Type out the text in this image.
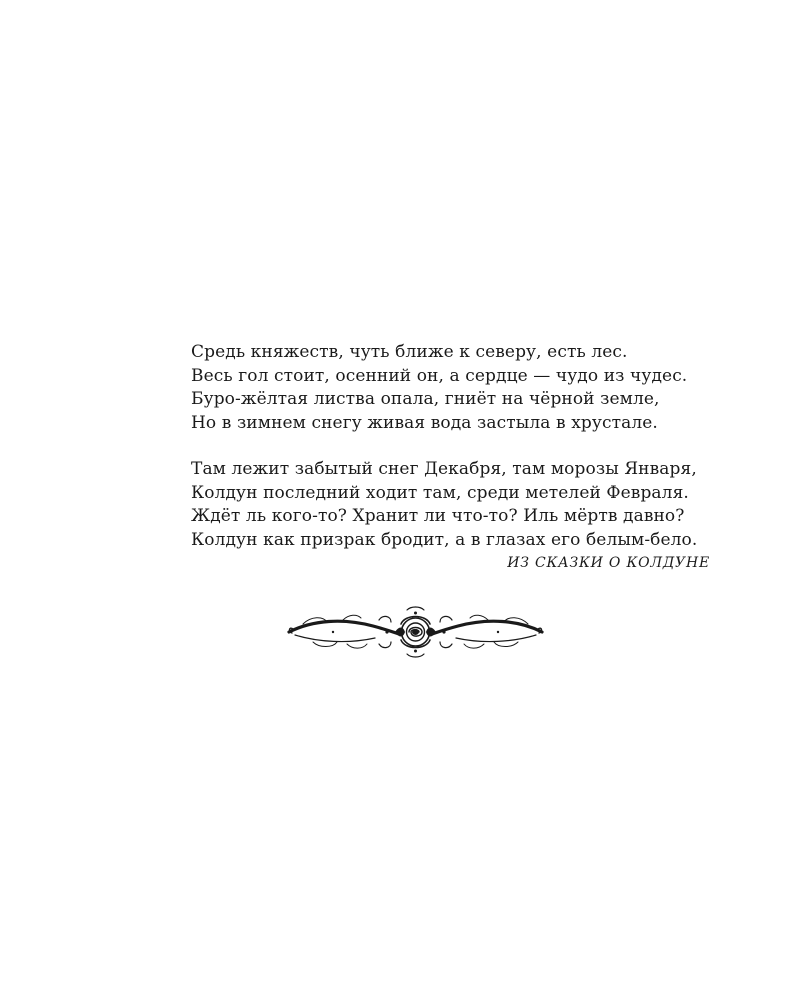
Средь княжеств, чуть ближе к северу, есть лес.
Весь гол стоит, осенний он, а сердце — чудо из чудес.
Буро-жёлтая листва опала, гниёт на чёрной земле,
Но в зимнем снегу живая вода застыла в хрустале.

Там лежит забытый снег Декабря, там морозы Января,
Колдун последний ходит там, среди метелей Февраля.
Ждёт ль кого-то? Хранит ли что-то? Иль мёртв давно?
Колдун как призрак бродит, а в глазах его белым-бело.

ИЗ СКАЗКИ О КОЛДУНЕ
